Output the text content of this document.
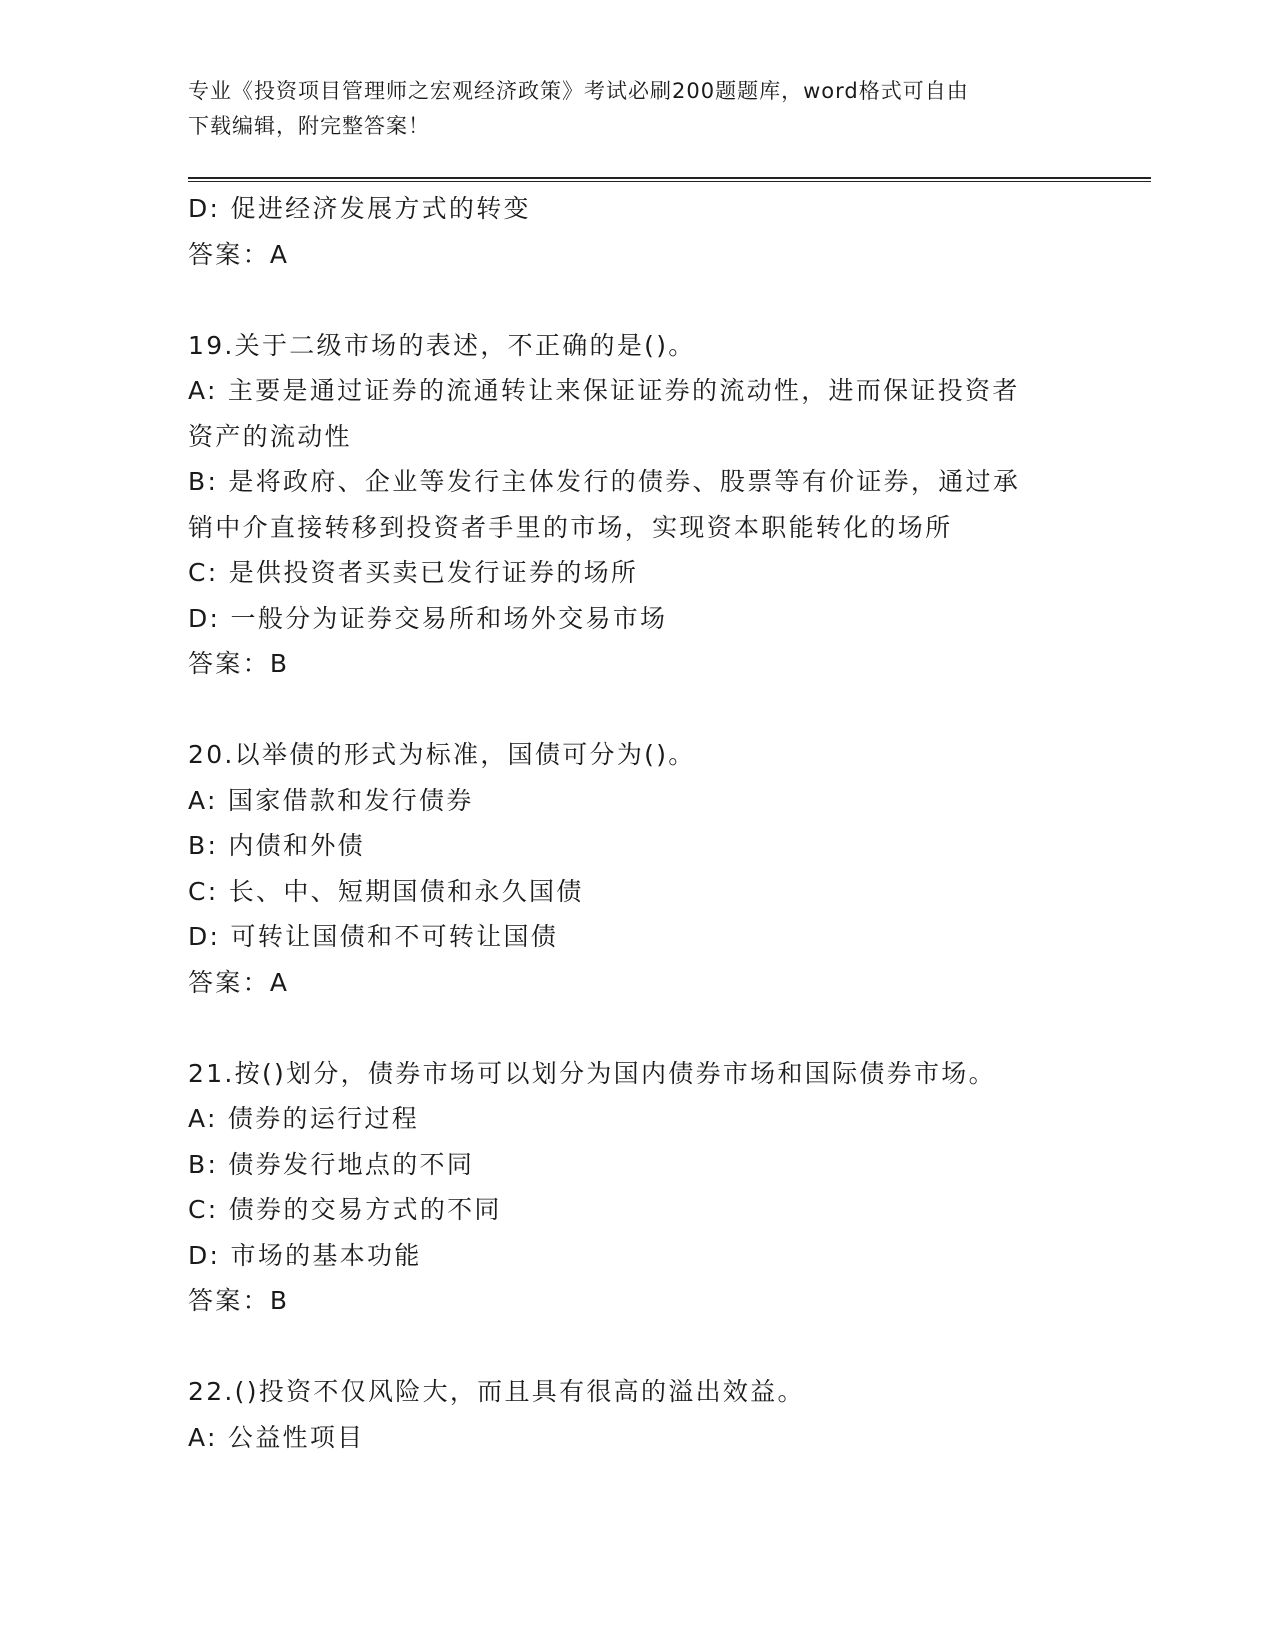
专业《投资项目管理师之宏观经济政策》考试必刷200题题库，word格式可自由
下载编辑，附完整答案！

D: 促进经济发展方式的转变

答案：A

19.关于二级市场的表述，不正确的是()。

A: 主要是通过证券的流通转让来保证证券的流动性，进而保证投资者

资产的流动性

B: 是将政府、企业等发行主体发行的债券、股票等有价证券，通过承

销中介直接转移到投资者手里的市场，实现资本职能转化的场所

C: 是供投资者买卖已发行证券的场所

D: 一般分为证券交易所和场外交易市场

答案：B

20.以举债的形式为标准，国债可分为()。

A: 国家借款和发行债券

B: 内债和外债

C: 长、中、短期国债和永久国债

D: 可转让国债和不可转让国债

答案：A

21.按()划分，债券市场可以划分为国内债券市场和国际债券市场。

A: 债券的运行过程

B: 债券发行地点的不同

C: 债券的交易方式的不同

D: 市场的基本功能

答案：B

22.()投资不仅风险大，而且具有很高的溢出效益。

A: 公益性项目
